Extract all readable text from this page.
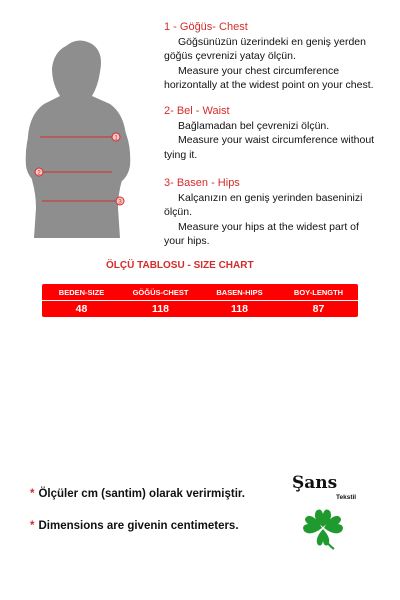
1
2
3
1 - Göğüs- Chest
Göğsünüzün üzerindeki en geniş yerden
göğüs çevrenizi yatay ölçün.
Measure your chest circumference
horizontally at the widest point on your chest.
2- Bel - Waist
Bağlamadan bel çevrenizi ölçün.
Measure your waist circumference without
tying it.
3- Basen - Hips
Kalçanızın en geniş yerinden baseninizi
ölçün.
Measure your hips at the widest part of
your hips.
ÖLÇÜ TABLOSU - SIZE CHART
BEDEN-SIZE	GÖĞÜS-CHEST	BASEN-HIPS	BOY-LENGTH
48	118	118	87
* Ölçüler cm (santim) olarak verirmiştir.
* Dimensions are givenin centimeters.
Şans
Tekstil
